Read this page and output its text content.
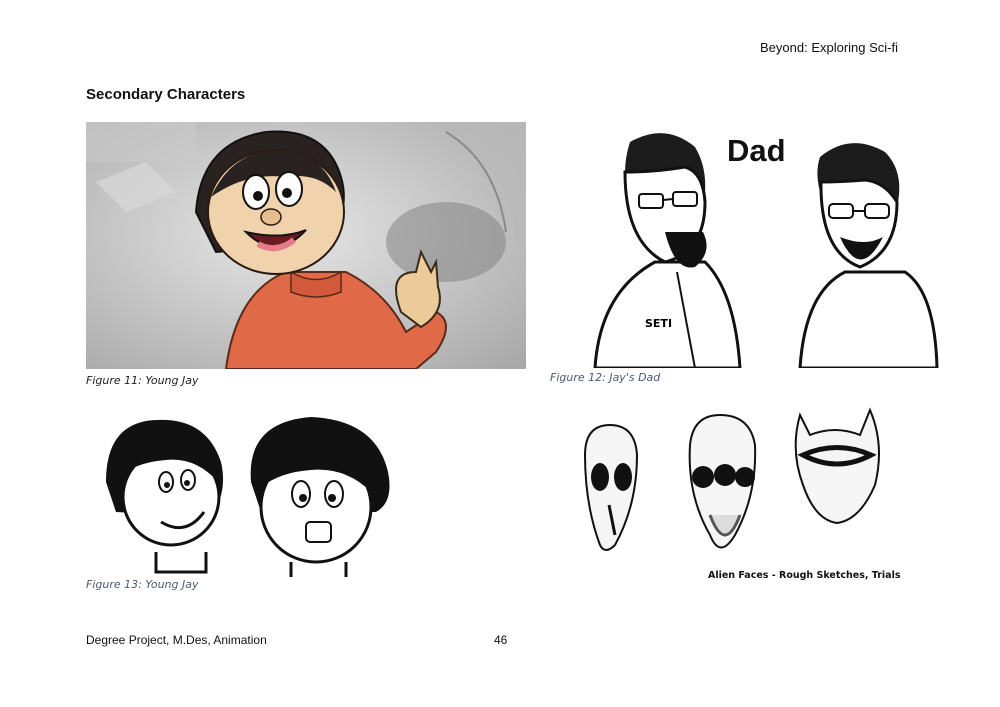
Beyond: Exploring Sci-fi
Secondary Characters
Figure 11: Young Jay
SETI
Dad
Figure 12: Jay's Dad
Figure 13: Young Jay
Alien Faces - Rough Sketches, Trials
Degree Project, M.Des, Animation	46
